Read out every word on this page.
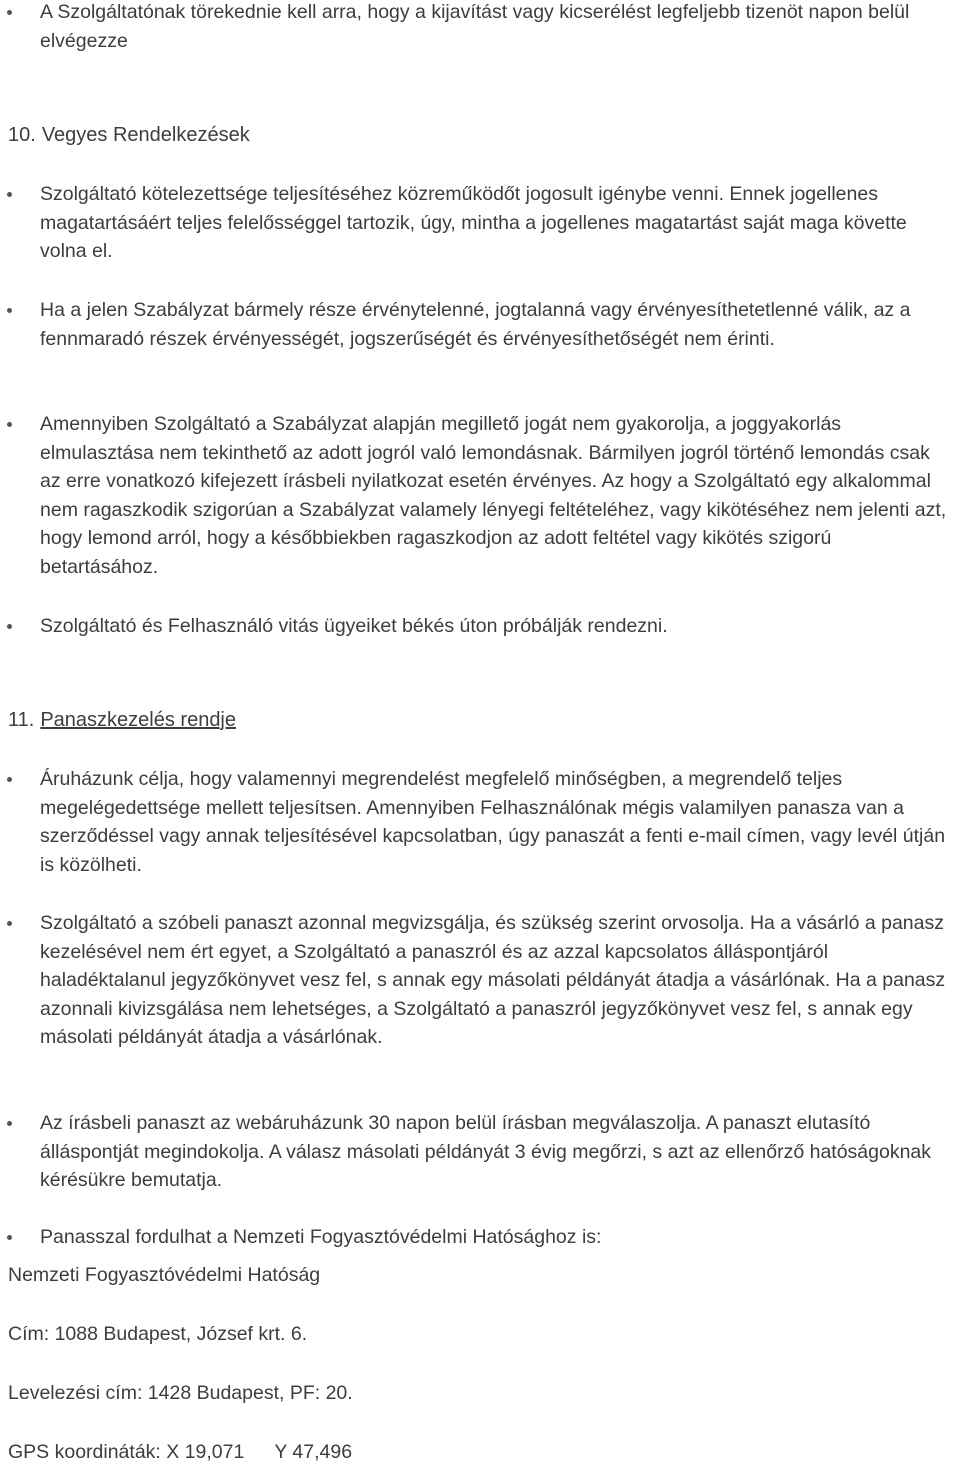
A Szolgáltatónak törekednie kell arra, hogy a kijavítást vagy kicserélést legfeljebb tizenöt napon belül elvégezze
10. Vegyes Rendelkezések
Szolgáltató kötelezettsége teljesítéséhez közreműködőt jogosult igénybe venni. Ennek jogellenes magatartásáért teljes felelősséggel tartozik, úgy, mintha a jogellenes magatartást saját maga követte volna el.
Ha a jelen Szabályzat bármely része érvénytelenné, jogtalanná vagy érvényesíthetetlenné válik, az a fennmaradó részek érvényességét, jogszerűségét és érvényesíthetőségét nem érinti.
Amennyiben Szolgáltató a Szabályzat alapján megillető jogát nem gyakorolja, a joggyakorlás elmulasztása nem tekinthető az adott jogról való lemondásnak. Bármilyen jogról történő lemondás csak az erre vonatkozó kifejezett írásbeli nyilatkozat esetén érvényes. Az hogy a Szolgáltató egy alkalommal nem ragaszkodik szigorúan a Szabályzat valamely lényegi feltételéhez, vagy kikötéséhez nem jelenti azt, hogy lemond arról, hogy a későbbiekben ragaszkodjon az adott feltétel vagy kikötés szigorú betartásához.
Szolgáltató és Felhasználó vitás ügyeiket békés úton próbálják rendezni.
11. Panaszkezelés rendje
Áruházunk célja, hogy valamennyi megrendelést megfelelő minőségben, a megrendelő teljes megelégedettsége mellett teljesítsen. Amennyiben Felhasználónak mégis valamilyen panasza van a szerződéssel vagy annak teljesítésével kapcsolatban, úgy panaszát a fenti e-mail címen, vagy levél útján is közölheti.
Szolgáltató a szóbeli panaszt azonnal megvizsgálja, és szükség szerint orvosolja. Ha a vásárló a panasz kezelésével nem ért egyet, a Szolgáltató a panaszról és az azzal kapcsolatos álláspontjáról haladéktalanul jegyzőkönyvet vesz fel, s annak egy másolati példányát átadja a vásárlónak. Ha a panasz azonnali kivizsgálása nem lehetséges, a Szolgáltató a panaszról jegyzőkönyvet vesz fel, s annak egy másolati példányát átadja a vásárlónak.
Az írásbeli panaszt az webáruházunk 30 napon belül írásban megválaszolja. A panaszt elutasító álláspontját megindokolja. A válasz másolati példányát 3 évig megőrzi, s azt az ellenőrző hatóságoknak kérésükre bemutatja.
Panasszal fordulhat a Nemzeti Fogyasztóvédelmi Hatósághoz is:
Nemzeti Fogyasztóvédelmi Hatóság
Cím: 1088 Budapest, József krt. 6.
Levelezési cím: 1428 Budapest, PF: 20.
GPS koordináták: X 19,071 Y 47,496
